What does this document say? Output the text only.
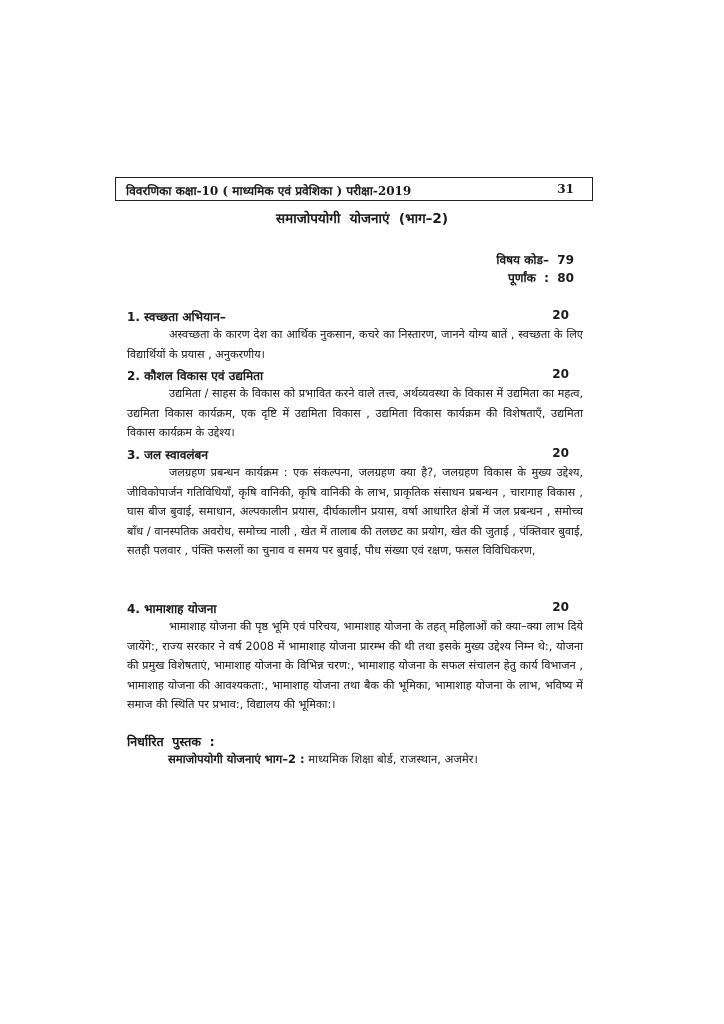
विवरणिका कक्षा-10 ( माध्यमिक एवं प्रवेशिका ) परीक्षा-2019	31
समाजोपयोगी  योजनाएं  (भाग–2)
विषय कोड–  79
पूर्णांक  :  80
1. स्वच्छता अभियान–	20
अस्वच्छता के कारण देश का आर्थिक नुकसान, कचरे का निस्तारण, जानने योग्य बातें , स्वच्छता के लिए विद्यार्थियों के प्रयास , अनुकरणीय।
2. कौशल विकास एवं उद्यमिता	20
उद्यमिता / साहस के विकास को प्रभावित करने वाले तत्त्व, अर्थव्यवस्था के विकास में उद्यमिता का महत्व, उद्यमिता विकास कार्यक्रम, एक दृष्टि में उद्यमिता विकास , उद्यमिता विकास कार्यक्रम की विशेषताएँ, उद्यमिता विकास कार्यक्रम के उद्देश्य।
3. जल स्वावलंबन	20
जलग्रहण प्रबन्धन कार्यक्रम : एक संकल्पना, जलग्रहण क्या है?, जलग्रहण विकास के मुख्य उद्देश्य, जीविकोपार्जन गतिविधियाँ, कृषि वानिकी, कृषि वानिकी के लाभ, प्राकृतिक संसाधन प्रबन्धन , चारागाह विकास , घास बीज बुवाई, समाधान, अल्पकालीन प्रयास, दीर्घकालीन प्रयास, वर्षा आधारित क्षेत्रों में जल प्रबन्धन , समोच्च बाँध / वानस्पतिक अवरोध, समोच्च नाली , खेत में तालाब की तलछट का प्रयोग, खेत की जुताई , पंक्तिवार बुवाई, सतही पलवार , पंक्ति फसलों का चुनाव व समय पर बुवाई, पौध संख्या एवं रक्षण, फसल विविधिकरण,
4. भामाशाह योजना	20
भामाशाह योजना की पृष्ठ भूमि एवं परिचय, भामाशाह योजना के तहत् महिलाओं को क्या–क्या लाभ दिये जायेंगे:, राज्य सरकार ने वर्ष 2008 में भामाशाह योजना प्रारम्भ की थी तथा इसके मुख्य उद्देश्य निम्न थे:, योजना की प्रमुख विशेषताएं, भामाशाह योजना के विभिन्न चरण:, भामाशाह योजना के सफल संचालन हेतु कार्य विभाजन , भामाशाह योजना की आवश्यकता:, भामाशाह योजना तथा बैक की भूमिका, भामाशाह योजना के लाभ, भविष्य में समाज की स्थिति पर प्रभाव:, विद्यालय की भूमिका:।
निर्धारित  पुस्तक  :
समाजोपयोगी योजनाएं भाग–2 : माध्यमिक शिक्षा बोर्ड, राजस्थान, अजमेर।
